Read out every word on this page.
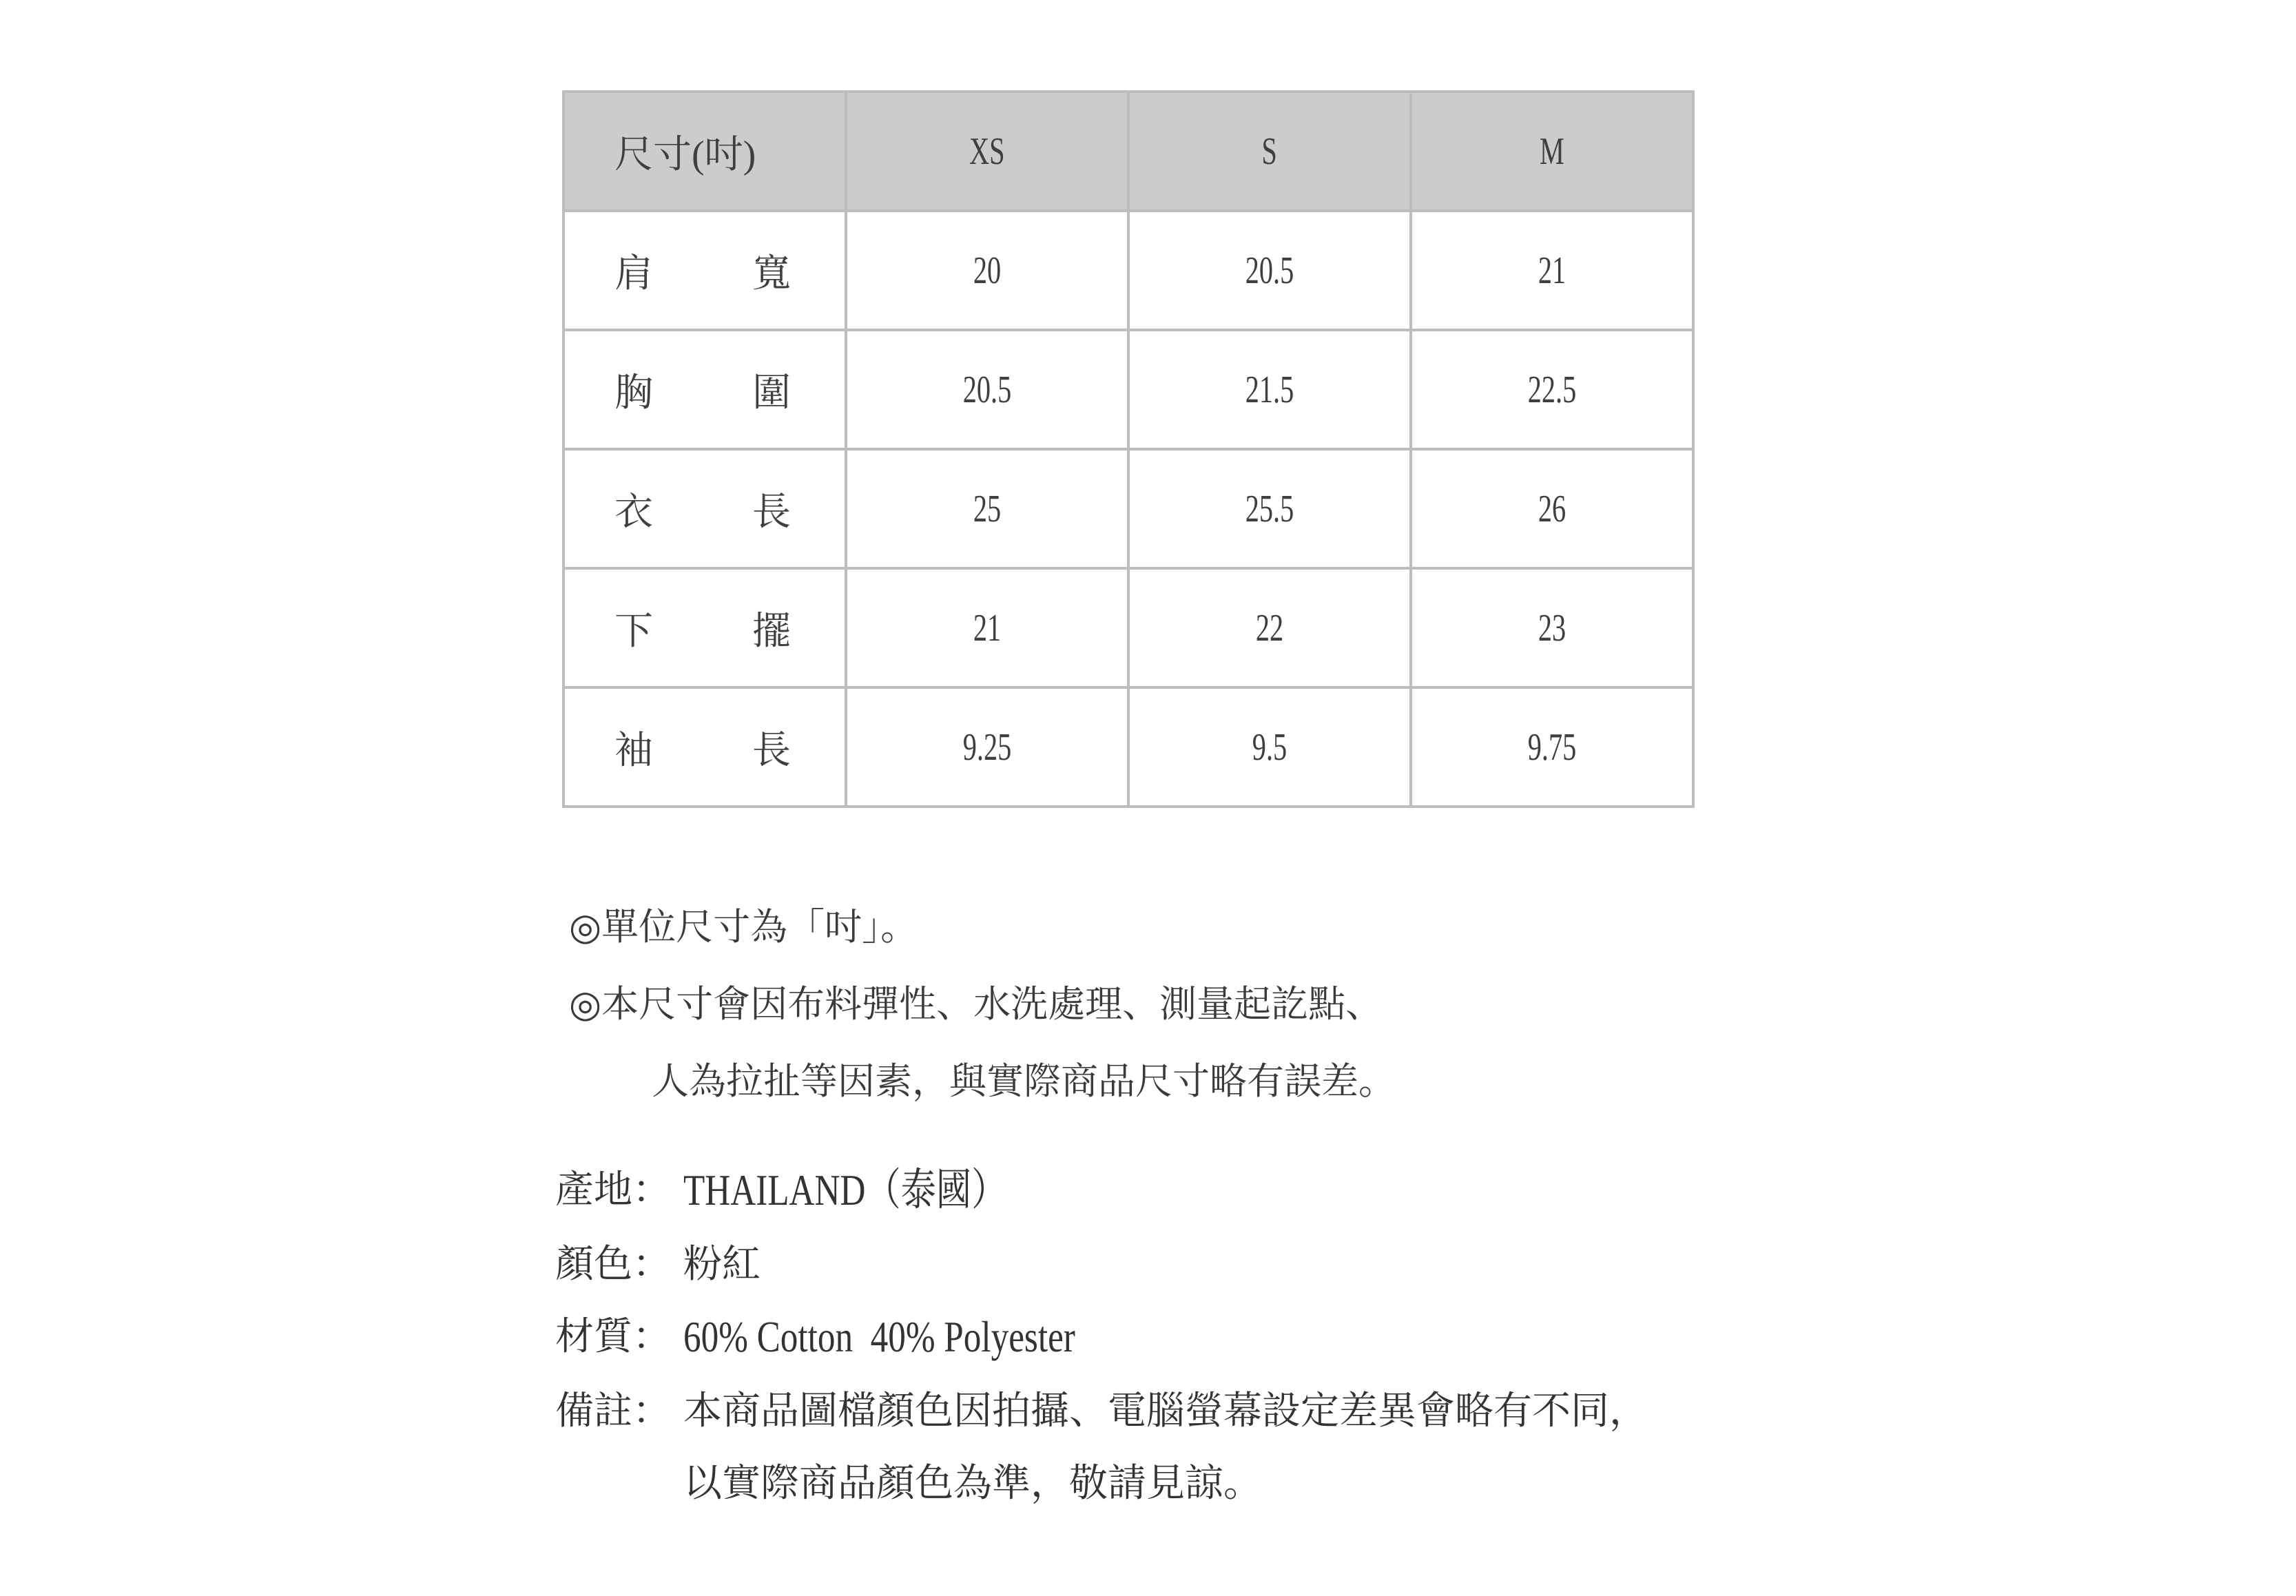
尺寸(吋)	XS	S	M

肩 寬	20	20.5	21

胸 圍	20.5	21.5	22.5

衣 長	25	25.5	26

下 擺	21	22	23

袖 長	9.25	9.5	9.75
◎單位尺寸為「吋」。
◎本尺寸會因布料彈性、水洗處理、測量起訖點、
人為拉扯等因素，與實際商品尺寸略有誤差。
產地： THAILAND（泰國）
顏色： 粉紅
材質： 60% Cotton  40% Polyester
備註： 本商品圖檔顏色因拍攝、電腦螢幕設定差異會略有不同，
以實際商品顏色為準，敬請見諒。
